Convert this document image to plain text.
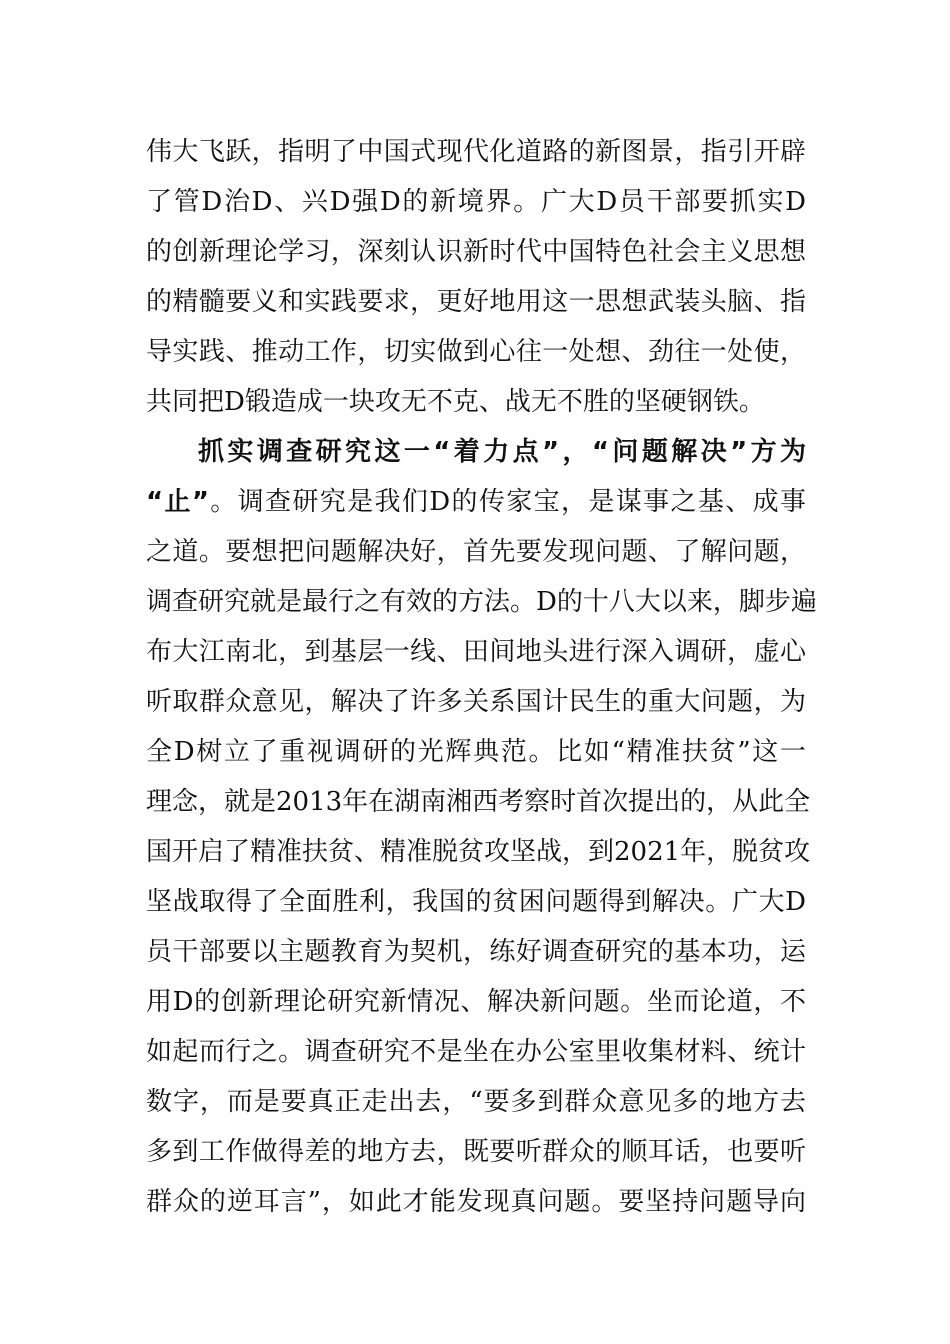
伟大飞跃，指明了中国式现代化道路的新图景，指引开辟
了管D治D、兴D强D的新境界。广大D员干部要抓实D
的创新理论学习，深刻认识新时代中国特色社会主义思想
的精髓要义和实践要求，更好地用这一思想武装头脑、指
导实践、推动工作，切实做到心往一处想、劲往一处使，
共同把D锻造成一块攻无不克、战无不胜的坚硬钢铁。
抓实调查研究这一“着力点”，“问题解决”方为
“止”。调查研究是我们D的传家宝，是谋事之基、成事
之道。要想把问题解决好，首先要发现问题、了解问题，
调查研究就是最行之有效的方法。D的十八大以来，脚步遍
布大江南北，到基层一线、田间地头进行深入调研，虚心
听取群众意见，解决了许多关系国计民生的重大问题，为
全D树立了重视调研的光辉典范。比如“精准扶贫”这一
理念，就是2013年在湖南湘西考察时首次提出的，从此全
国开启了精准扶贫、精准脱贫攻坚战，到2021年，脱贫攻
坚战取得了全面胜利，我国的贫困问题得到解决。广大D
员干部要以主题教育为契机，练好调查研究的基本功，运
用D的创新理论研究新情况、解决新问题。坐而论道，不
如起而行之。调查研究不是坐在办公室里收集材料、统计
数字，而是要真正走出去，“要多到群众意见多的地方去
多到工作做得差的地方去，既要听群众的顺耳话，也要听
群众的逆耳言”，如此才能发现真问题。要坚持问题导向
